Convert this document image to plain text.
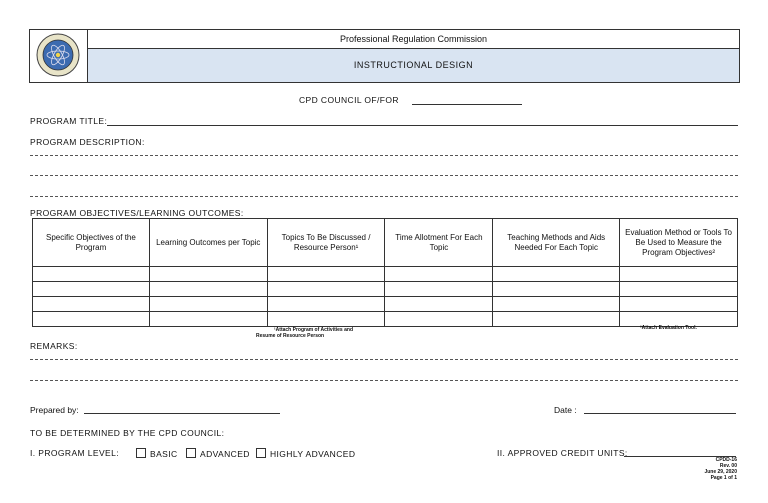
Professional Regulation Commission
INSTRUCTIONAL DESIGN
CPD COUNCIL OF/FOR
PROGRAM TITLE:
PROGRAM DESCRIPTION:
PROGRAM OBJECTIVES/LEARNING OUTCOMES:
Specific Objectives of the Program	Learning Outcomes per Topic	Topics To Be Discussed / Resource Person¹	Time Allotment For Each Topic	Teaching Methods and Aids Needed For Each Topic	Evaluation Method or Tools To Be Used to Measure the Program Objectives²

¹Attach Program of Activities and
Resume of Resource Person
²Attach Evaluation Tool.
REMARKS:
Prepared by:	Date :
TO BE DETERMINED BY THE CPD COUNCIL:
I. PROGRAM LEVEL:	BASIC	ADVANCED	HIGHLY ADVANCED	II. APPROVED CREDIT UNITS:
CPDD-16
Rev. 00
June 29, 2020
Page 1 of 1
